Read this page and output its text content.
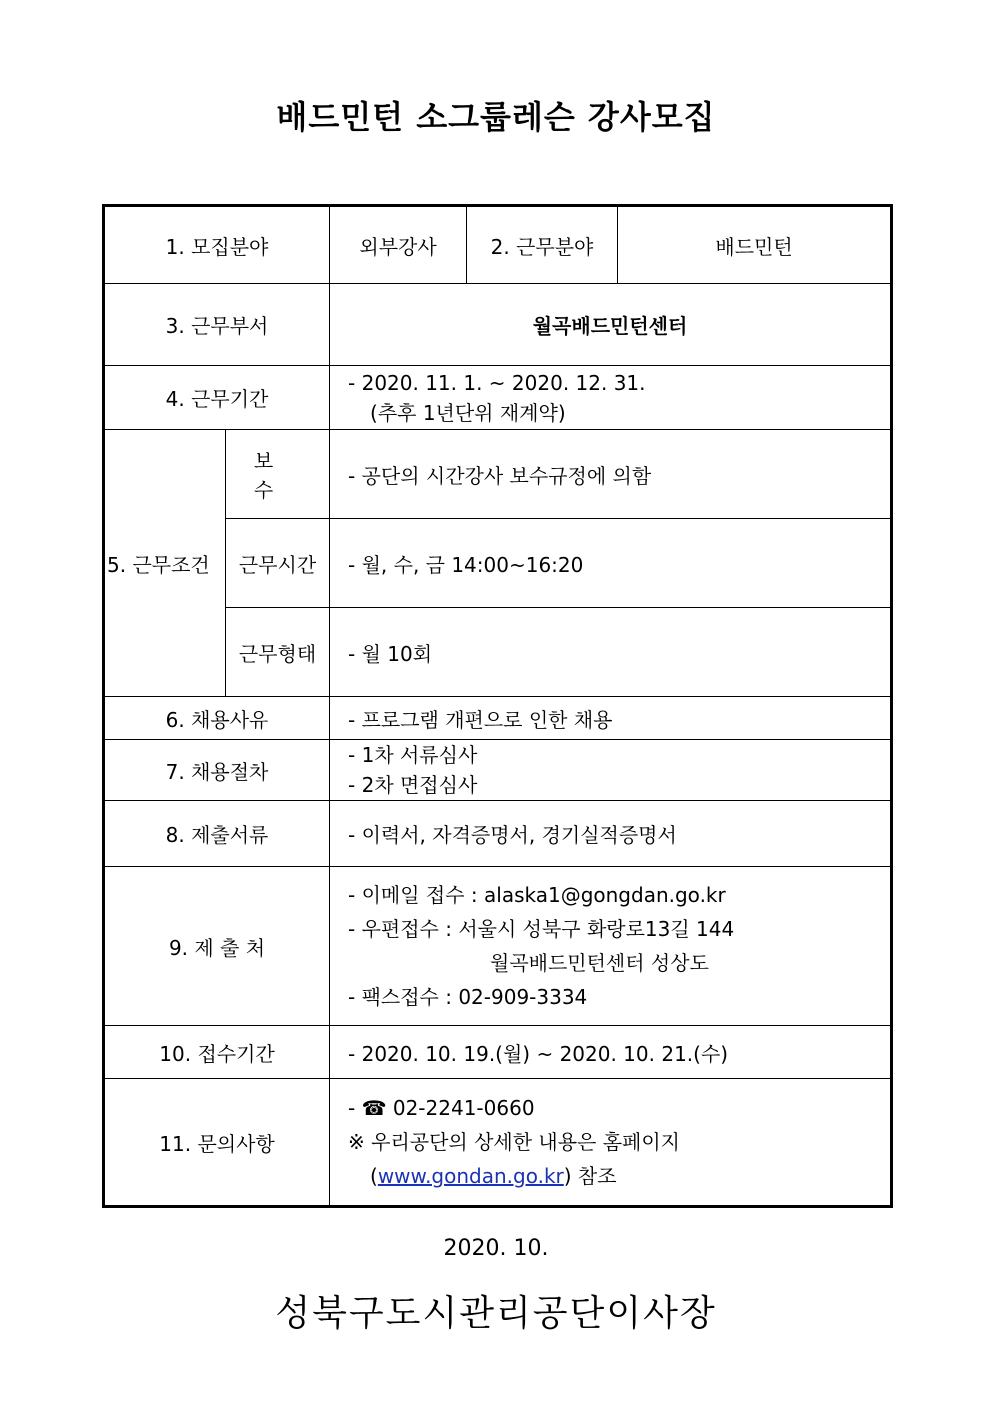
배드민턴 소그룹레슨 강사모집
1. 모집분야		외부강사	2. 근무분야	배드민턴
3. 근무부서		월곡배드민턴센터		
4. 근무기간		- 2020. 11. 1. ~ 2020. 12. 31.
(추후 1년단위 재계약)		

5. 근무조건	보 수	- 공단의 시간강사 보수규정에 의함		
	근무시간	- 월, 수, 금 14:00~16:20		
	근무형태	- 월 10회		
6. 채용사유		- 프로그램 개편으로 인한 채용		
7. 채용절차		- 1차 서류심사
- 2차 면접심사		

8. 제출서류		- 이력서, 자격증명서, 경기실적증명서		
9. 제 출 처		- 이메일 접수 : alaska1@gongdan.go.kr
- 우편접수 : 서울시 성북구 화랑로13길 144
월곡배드민턴센터 성상도
- 팩스접수 : 02-909-3334		

10. 접수기간		- 2020. 10. 19.(월) ~ 2020. 10. 21.(수)		
11. 문의사항		- ☎ 02-2241-0660
※ 우리공단의 상세한 내용은 홈페이지
(www.gondan.go.kr) 참조		
2020. 10.
성북구도시관리공단이사장
